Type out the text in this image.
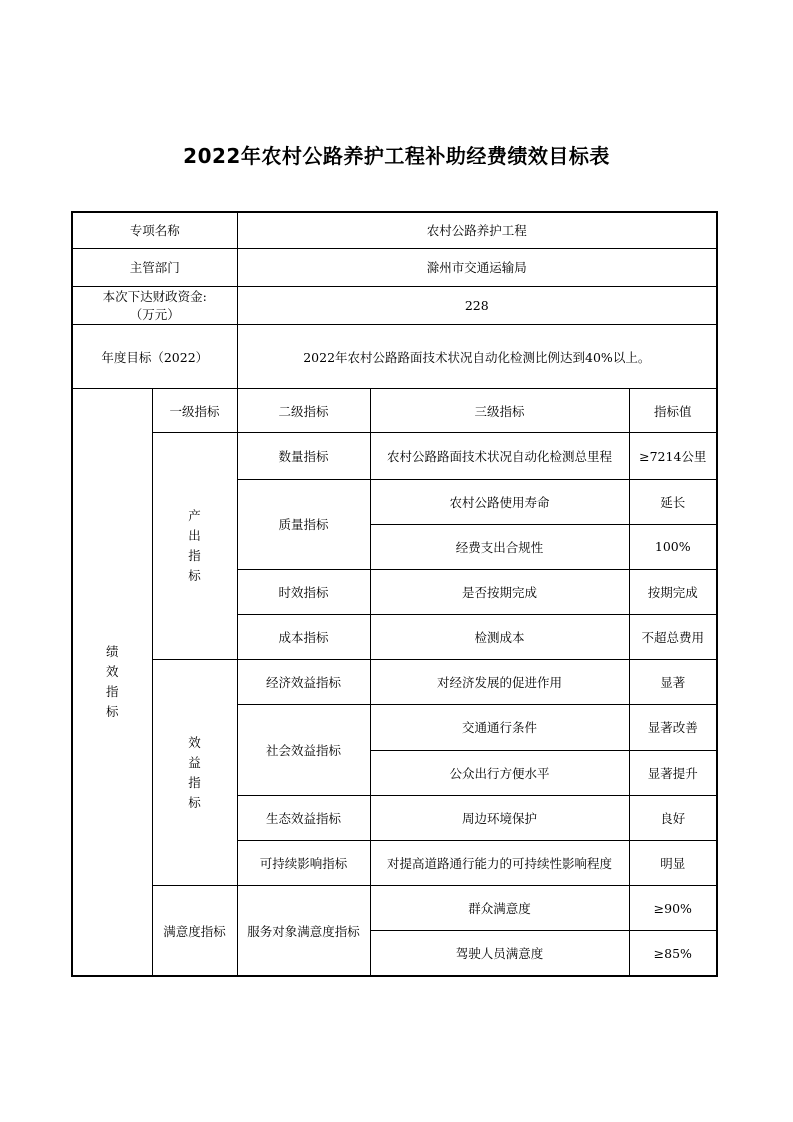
2022年农村公路养护工程补助经费绩效目标表
专项名称		农村公路养护工程		
主管部门		滁州市交通运输局		

本次下达财政资金:
（万元）		228		
年度目标（2022）		2022年农村公路路面技术状况自动化检测比例达到40%以上。		
绩效指标	一级指标	二级指标	三级指标	指标值
	产出指标	数量指标	农村公路路面技术状况自动化检测总里程	≥7214公里
		质量指标	农村公路使用寿命	延长
			经费支出合规性	100%
		时效指标	是否按期完成	按期完成
		成本指标	检测成本	不超总费用
	效益指标	经济效益指标	对经济发展的促进作用	显著
		社会效益指标	交通通行条件	显著改善
			公众出行方便水平	显著提升
		生态效益指标	周边环境保护	良好
		可持续影响指标	对提高道路通行能力的可持续性影响程度	明显
	满意度指标	服务对象满意度指标	群众满意度	≥90%
			驾驶人员满意度	≥85%
